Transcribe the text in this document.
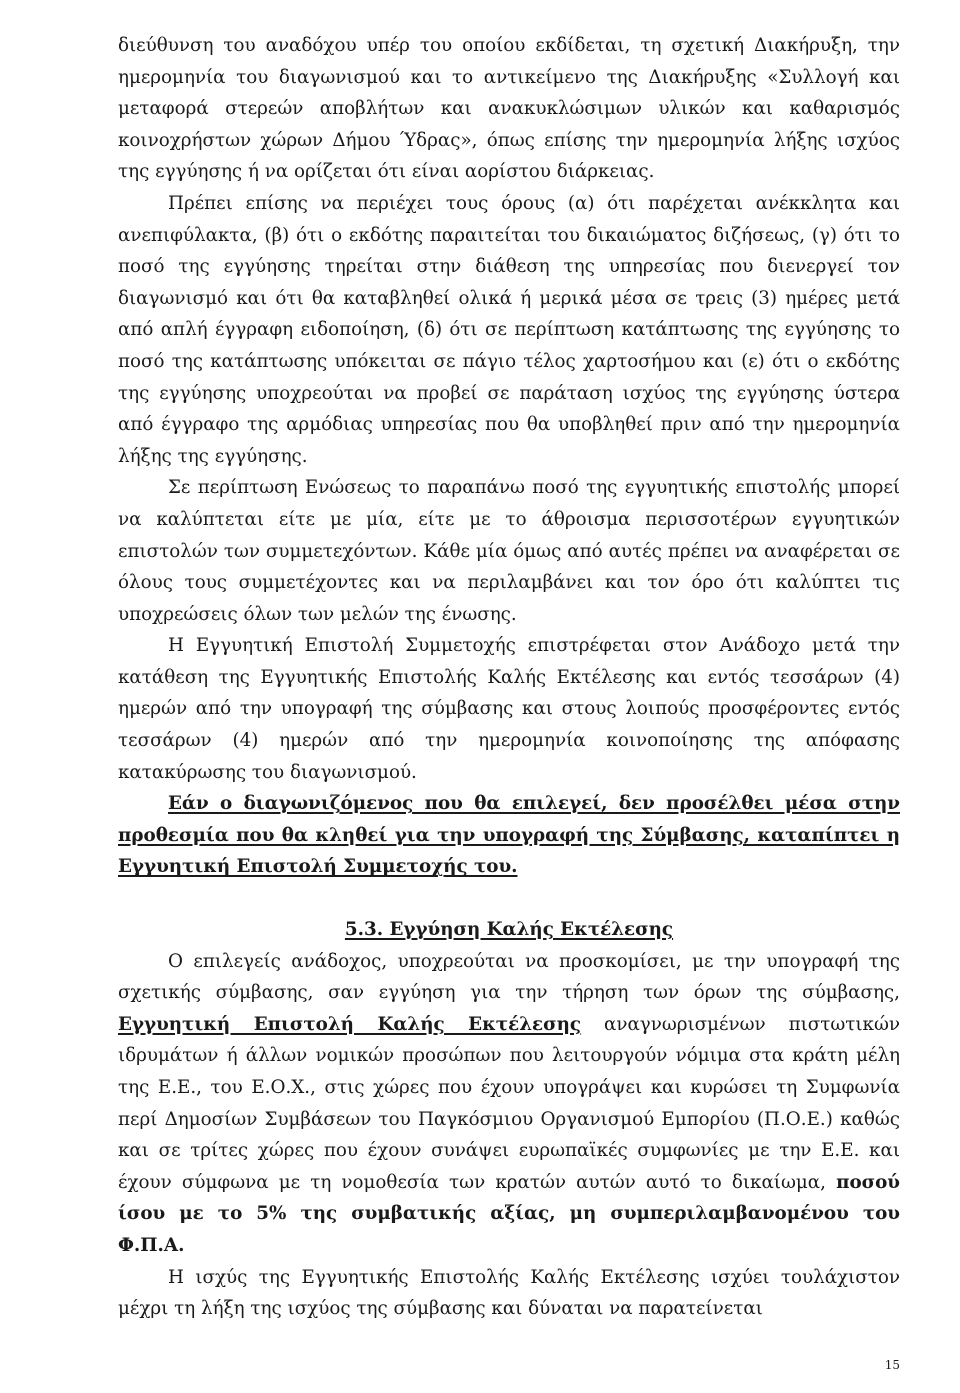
διεύθυνση του αναδόχου υπέρ του οποίου εκδίδεται, τη σχετική Διακήρυξη, την ημερομηνία του διαγωνισμού και το αντικείμενο της Διακήρυξης «Συλλογή και μεταφορά στερεών αποβλήτων και ανακυκλώσιμων υλικών και καθαρισμός κοινοχρήστων χώρων Δήμου Ύδρας», όπως επίσης την ημερομηνία λήξης ισχύος της εγγύησης ή να ορίζεται ότι είναι αορίστου διάρκειας.

Πρέπει επίσης να περιέχει τους όρους (α) ότι παρέχεται ανέκκλητα και ανεπιφύλακτα, (β) ότι ο εκδότης παραιτείται του δικαιώματος διζήσεως, (γ) ότι το ποσό της εγγύησης τηρείται στην διάθεση της υπηρεσίας που διενεργεί τον διαγωνισμό και ότι θα καταβληθεί ολικά ή μερικά μέσα σε τρεις (3) ημέρες μετά από απλή έγγραφη ειδοποίηση, (δ) ότι σε περίπτωση κατάπτωσης της εγγύησης το ποσό της κατάπτωσης υπόκειται σε πάγιο τέλος χαρτοσήμου και (ε) ότι ο εκδότης της εγγύησης υποχρεούται να προβεί σε παράταση ισχύος της εγγύησης ύστερα από έγγραφο της αρμόδιας υπηρεσίας που θα υποβληθεί πριν από την ημερομηνία λήξης της εγγύησης.

Σε περίπτωση Ενώσεως το παραπάνω ποσό της εγγυητικής επιστολής μπορεί να καλύπτεται είτε με μία, είτε με το άθροισμα περισσοτέρων εγγυητικών επιστολών των συμμετεχόντων. Κάθε μία όμως από αυτές πρέπει να αναφέρεται σε όλους τους συμμετέχοντες και να περιλαμβάνει και τον όρο ότι καλύπτει τις υποχρεώσεις όλων των μελών της ένωσης.

Η Εγγυητική Επιστολή Συμμετοχής επιστρέφεται στον Ανάδοχο μετά την κατάθεση της Εγγυητικής Επιστολής Καλής Εκτέλεσης και εντός τεσσάρων (4) ημερών από την υπογραφή της σύμβασης και στους λοιπούς προσφέροντες εντός τεσσάρων (4) ημερών από την ημερομηνία κοινοποίησης της απόφασης κατακύρωσης του διαγωνισμού.

Εάν ο διαγωνιζόμενος που θα επιλεγεί, δεν προσέλθει μέσα στην προθεσμία που θα κληθεί για την υπογραφή της Σύμβασης, καταπίπτει η Εγγυητική Επιστολή Συμμετοχής του.

5.3. Εγγύηση Καλής Εκτέλεσης

Ο επιλεγείς ανάδοχος, υποχρεούται να προσκομίσει, με την υπογραφή της σχετικής σύμβασης, σαν εγγύηση για την τήρηση των όρων της σύμβασης, Εγγυητική Επιστολή Καλής Εκτέλεσης αναγνωρισμένων πιστωτικών ιδρυμάτων ή άλλων νομικών προσώπων που λειτουργούν νόμιμα στα κράτη μέλη της Ε.Ε., του Ε.Ο.Χ., στις χώρες που έχουν υπογράψει και κυρώσει τη Συμφωνία περί Δημοσίων Συμβάσεων του Παγκόσμιου Οργανισμού Εμπορίου (Π.Ο.Ε.) καθώς και σε τρίτες χώρες που έχουν συνάψει ευρωπαϊκές συμφωνίες με την Ε.Ε. και έχουν σύμφωνα με τη νομοθεσία των κρατών αυτών αυτό το δικαίωμα, ποσού ίσου με το 5% της συμβατικής αξίας, μη συμπεριλαμβανομένου του Φ.Π.Α.

Η ισχύς της Εγγυητικής Επιστολής Καλής Εκτέλεσης ισχύει τουλάχιστον μέχρι τη λήξη της ισχύος της σύμβασης και δύναται να παρατείνεται

15
